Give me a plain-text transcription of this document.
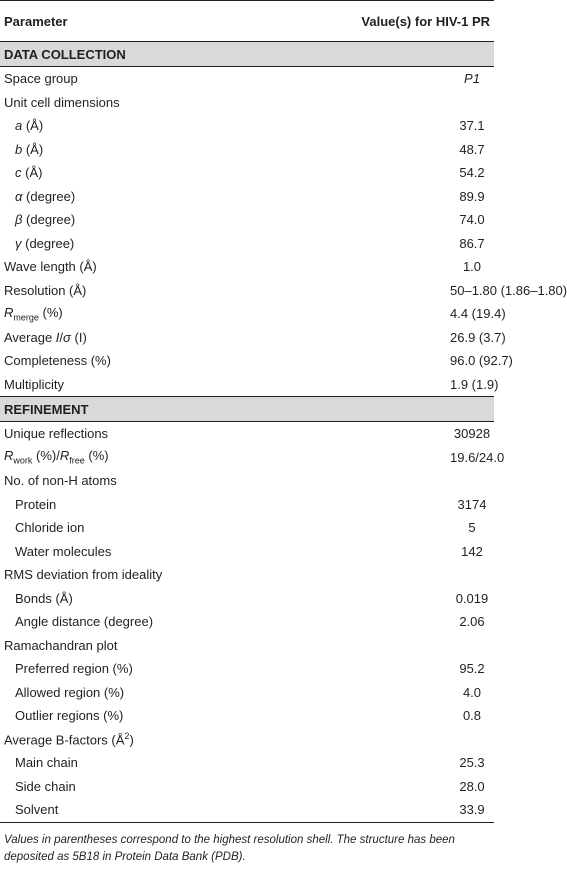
Parameter	Value(s) for HIV-1 PR
DATA COLLECTION	
Space group	P1
Unit cell dimensions	
a (Å)	37.1
b (Å)	48.7
c (Å)	54.2
α (degree)	89.9
β (degree)	74.0
γ (degree)	86.7
Wave length (Å)	1.0
Resolution (Å)	50–1.80 (1.86–1.80)
$R_{merge}$ (%)	4.4 (19.4)
Average I/σ (I)	26.9 (3.7)
Completeness (%)	96.0 (92.7)
Multiplicity	1.9 (1.9)
REFINEMENT	
Unique reflections	30928
$R_{work}$ $(\%)/R_{free}$ (%)	19.6/24.0
No. of non-H atoms	
Protein	3174
Chloride ion	5
Water molecules	142
RMS deviation from ideality	
Bonds (Å)	0.019
Angle distance (degree)	2.06
Ramachandran plot	
Preferred region (%)	95.2
Allowed region (%)	4.0
Outlier regions (%)	0.8
Average B-factors $(Å^2)$	
Main chain	25.3
Side chain	28.0
Solvent	33.9
Values in parentheses correspond to the highest resolution shell. The structure has been deposited as 5B18 in Protein Data Bank (PDB).
